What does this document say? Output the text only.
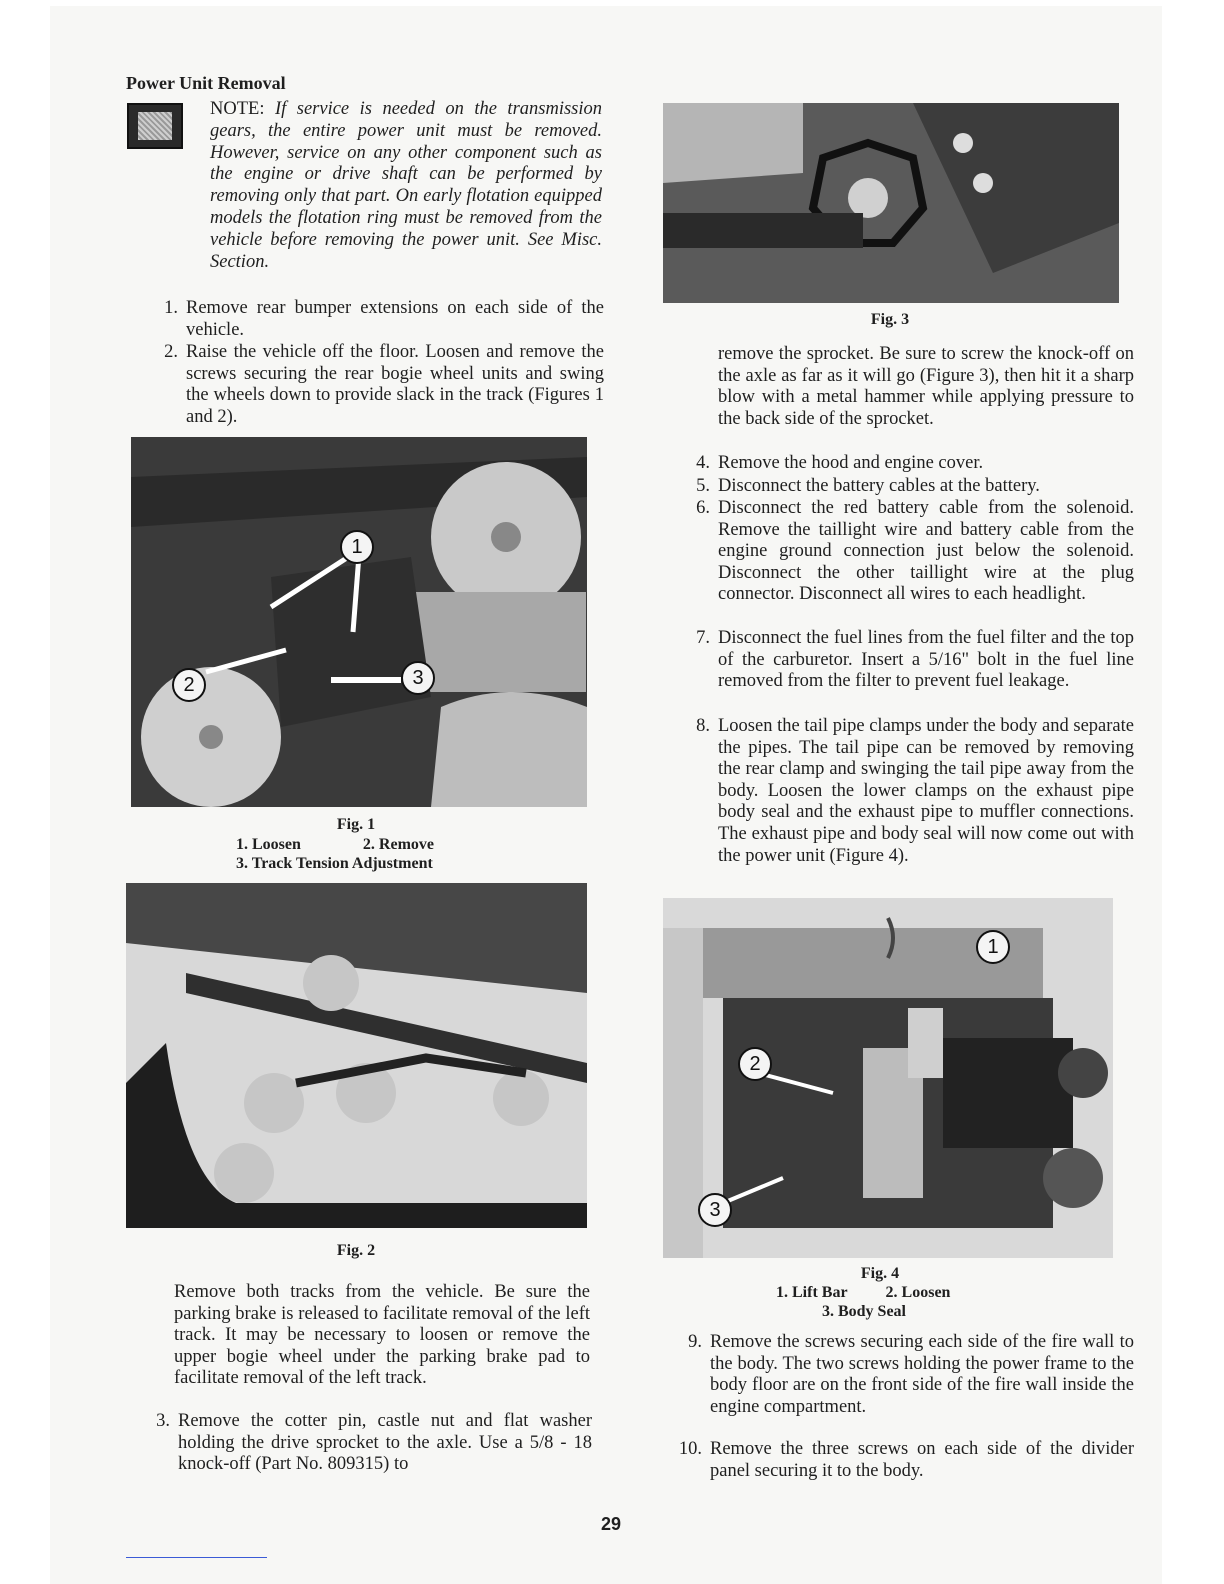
Power Unit Removal
NOTE: If service is needed on the transmission gears, the entire power unit must be removed. However, service on any other component such as the engine or drive shaft can be performed by removing only that part. On early flotation equipped models the flotation ring must be removed from the vehicle before removing the power unit. See Misc. Section.
1. Remove rear bumper extensions on each side of the vehicle.
2. Raise the vehicle off the floor. Loosen and remove the screws securing the rear bogie wheel units and swing the wheels down to provide slack in the track (Figures 1 and 2).
1
2	3
Fig. 1
1. Loosen	2. Remove
3. Track Tension Adjustment
Fig. 2
Remove both tracks from the vehicle. Be sure the parking brake is released to facilitate removal of the left track. It may be necessary to loosen or remove the upper bogie wheel under the parking brake pad to facilitate removal of the left track.
3. Remove the cotter pin, castle nut and flat washer holding the drive sprocket to the axle. Use a 5/8 - 18 knock-off (Part No. 809315) to
Fig. 3
remove the sprocket. Be sure to screw the knock-off on the axle as far as it will go (Figure 3), then hit it a sharp blow with a metal hammer while applying pressure to the back side of the sprocket.
4. Remove the hood and engine cover.
5. Disconnect the battery cables at the battery.
6. Disconnect the red battery cable from the solenoid. Remove the taillight wire and battery cable from the engine ground connection just below the solenoid. Disconnect the other taillight wire at the plug connector. Disconnect all wires to each headlight.
7. Disconnect the fuel lines from the fuel filter and the top of the carburetor. Insert a 5/16" bolt in the fuel line removed from the filter to prevent fuel leakage.
8. Loosen the tail pipe clamps under the body and separate the pipes. The tail pipe can be removed by removing the rear clamp and swinging the tail pipe away from the body. Loosen the lower clamps on the exhaust pipe body seal and the exhaust pipe to muffler connections. The exhaust pipe and body seal will now come out with the power unit (Figure 4).
1
2
3
Fig. 4
1. Lift Bar 2. Loosen
3. Body Seal
9. Remove the screws securing each side of the fire wall to the body. The two screws holding the power frame to the body floor are on the front side of the fire wall inside the engine compartment.
10. Remove the three screws on each side of the divider panel securing it to the body.
29
